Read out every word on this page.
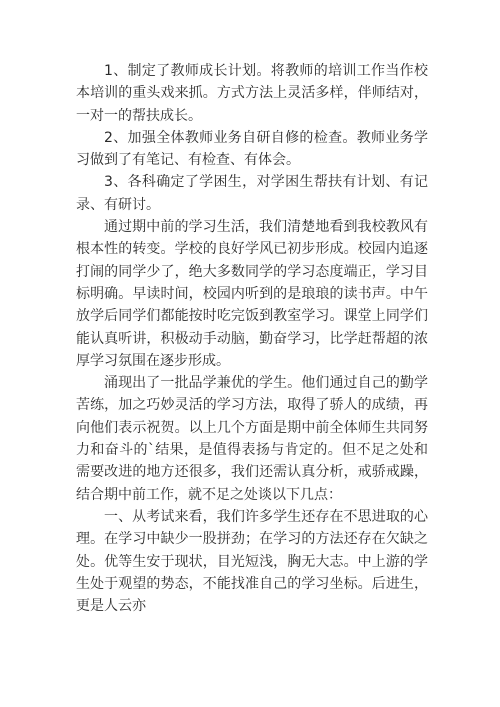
1、制定了教师成长计划。将教师的培训工作当作校本培训的重头戏来抓。方式方法上灵活多样，伴师结对，一对一的帮扶成长。

2、加强全体教师业务自研自修的检查。教师业务学习做到了有笔记、有检查、有体会。

3、各科确定了学困生，对学困生帮扶有计划、有记录、有研讨。

通过期中前的学习生活，我们清楚地看到我校教风有根本性的转变。学校的良好学风已初步形成。校园内追逐打闹的同学少了，绝大多数同学的学习态度端正，学习目标明确。早读时间，校园内听到的是琅琅的读书声。中午放学后同学们都能按时吃完饭到教室学习。课堂上同学们能认真听讲，积极动手动脑，勤奋学习，比学赶帮超的浓厚学习氛围在逐步形成。

涌现出了一批品学兼优的学生。他们通过自己的勤学苦练，加之巧妙灵活的学习方法，取得了骄人的成绩，再向他们表示祝贺。以上几个方面是期中前全体师生共同努力和奋斗的`结果，是值得表扬与肯定的。但不足之处和需要改进的地方还很多，我们还需认真分析，戒骄戒躁，结合期中前工作，就不足之处谈以下几点：

一、从考试来看，我们许多学生还存在不思进取的心理。在学习中缺少一股拼劲；在学习的方法还存在欠缺之处。优等生安于现状，目光短浅，胸无大志。中上游的学生处于观望的势态，不能找准自己的学习坐标。后进生，更是人云亦
